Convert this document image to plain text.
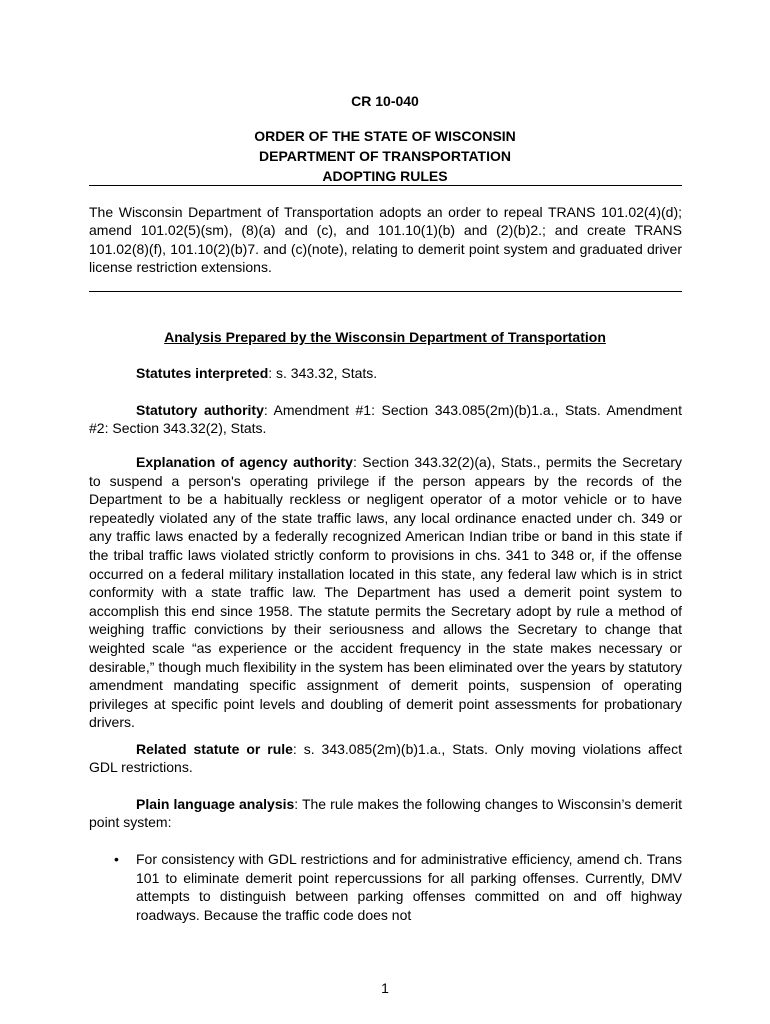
CR 10-040
ORDER OF THE STATE OF WISCONSIN
DEPARTMENT OF TRANSPORTATION
ADOPTING RULES

The Wisconsin Department of Transportation adopts an order to repeal TRANS 101.02(4)(d); amend 101.02(5)(sm), (8)(a) and (c), and 101.10(1)(b) and (2)(b)2.; and create TRANS 101.02(8)(f), 101.10(2)(b)7. and (c)(note), relating to demerit point system and graduated driver license restriction extensions.

Analysis Prepared by the Wisconsin Department of Transportation

Statutes interpreted: s. 343.32, Stats.

Statutory authority: Amendment #1: Section 343.085(2m)(b)1.a., Stats. Amendment #2: Section 343.32(2), Stats.

Explanation of agency authority: Section 343.32(2)(a), Stats., permits the Secretary to suspend a person's operating privilege if the person appears by the records of the Department to be a habitually reckless or negligent operator of a motor vehicle or to have repeatedly violated any of the state traffic laws, any local ordinance enacted under ch. 349 or any traffic laws enacted by a federally recognized American Indian tribe or band in this state if the tribal traffic laws violated strictly conform to provisions in chs. 341 to 348 or, if the offense occurred on a federal military installation located in this state, any federal law which is in strict conformity with a state traffic law. The Department has used a demerit point system to accomplish this end since 1958. The statute permits the Secretary adopt by rule a method of weighing traffic convictions by their seriousness and allows the Secretary to change that weighted scale “as experience or the accident frequency in the state makes necessary or desirable,” though much flexibility in the system has been eliminated over the years by statutory amendment mandating specific assignment of demerit points, suspension of operating privileges at specific point levels and doubling of demerit point assessments for probationary drivers.

Related statute or rule: s. 343.085(2m)(b)1.a., Stats. Only moving violations affect GDL restrictions.

Plain language analysis: The rule makes the following changes to Wisconsin’s demerit point system:

• For consistency with GDL restrictions and for administrative efficiency, amend ch. Trans 101 to eliminate demerit point repercussions for all parking offenses. Currently, DMV attempts to distinguish between parking offenses committed on and off highway roadways. Because the traffic code does not
1
